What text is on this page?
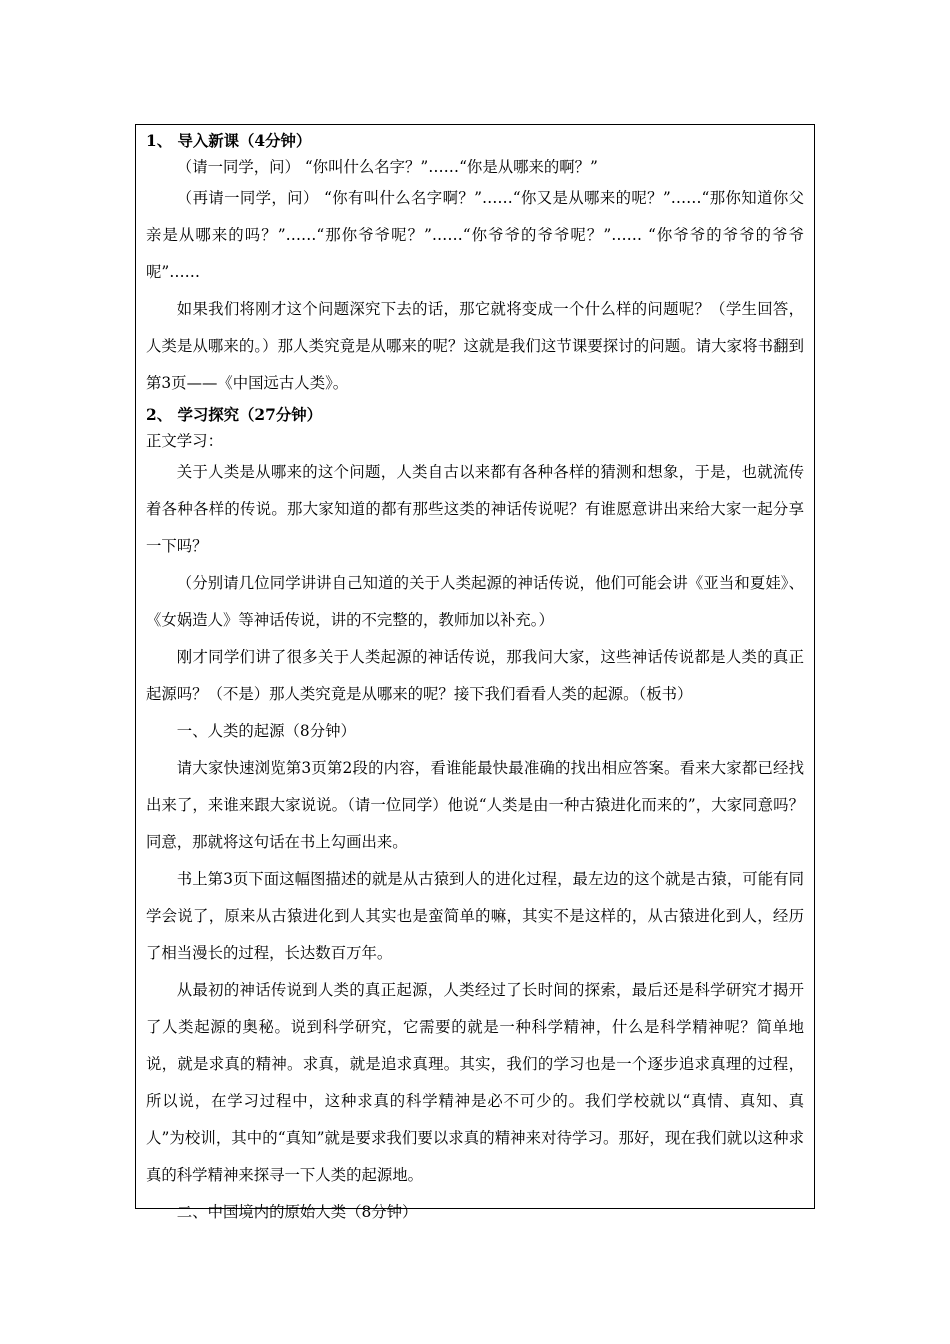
1、 导入新课（4分钟）

（请一同学，问） “你叫什么名字？”……“你是从哪来的啊？”

（再请一同学，问） “你有叫什么名字啊？”……“你又是从哪来的呢？”……“那你知道你父亲是从哪来的吗？”……“那你爷爷呢？”……“你爷爷的爷爷呢？”…… “你爷爷的爷爷的爷爷呢”……

如果我们将刚才这个问题深究下去的话，那它就将变成一个什么样的问题呢？（学生回答，人类是从哪来的。）那人类究竟是从哪来的呢？这就是我们这节课要探讨的问题。请大家将书翻到第3页——《中国远古人类》。

2、 学习探究（27分钟）

正文学习：

关于人类是从哪来的这个问题，人类自古以来都有各种各样的猜测和想象，于是，也就流传着各种各样的传说。那大家知道的都有那些这类的神话传说呢？有谁愿意讲出来给大家一起分享一下吗？

（分别请几位同学讲讲自己知道的关于人类起源的神话传说，他们可能会讲《亚当和夏娃》、《女娲造人》等神话传说，讲的不完整的，教师加以补充。）

刚才同学们讲了很多关于人类起源的神话传说，那我问大家，这些神话传说都是人类的真正起源吗？（不是）那人类究竟是从哪来的呢？接下我们看看人类的起源。（板书）

一、人类的起源（8分钟）

请大家快速浏览第3页第2段的内容，看谁能最快最准确的找出相应答案。看来大家都已经找出来了，来谁来跟大家说说。（请一位同学）他说“人类是由一种古猿进化而来的”，大家同意吗？同意，那就将这句话在书上勾画出来。

书上第3页下面这幅图描述的就是从古猿到人的进化过程，最左边的这个就是古猿，可能有同学会说了，原来从古猿进化到人其实也是蛮简单的嘛，其实不是这样的，从古猿进化到人，经历了相当漫长的过程，长达数百万年。

从最初的神话传说到人类的真正起源，人类经过了长时间的探索，最后还是科学研究才揭开了人类起源的奥秘。说到科学研究，它需要的就是一种科学精神，什么是科学精神呢？简单地说，就是求真的精神。求真，就是追求真理。其实，我们的学习也是一个逐步追求真理的过程，所以说，在学习过程中，这种求真的科学精神是必不可少的。我们学校就以“真情、真知、真人”为校训，其中的“真知”就是要求我们要以求真的精神来对待学习。那好，现在我们就以这种求真的科学精神来探寻一下人类的起源地。

二、中国境内的原始人类（8分钟）
